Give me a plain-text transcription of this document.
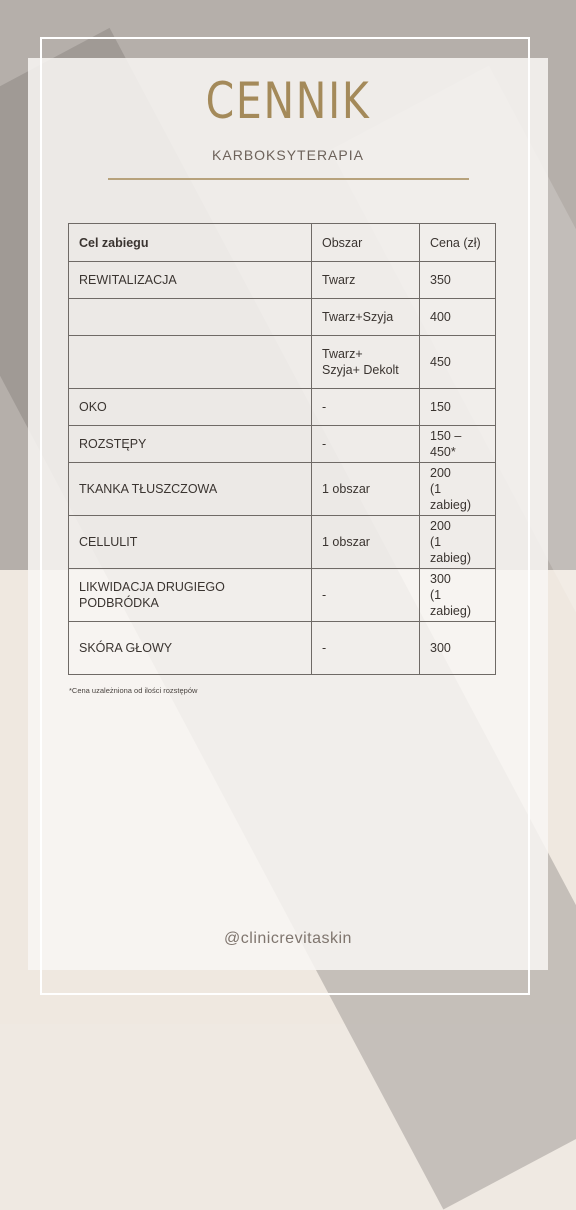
CENNIK
KARBOKSYTERAPIA
Cel zabiegu	Obszar	Cena (zł)
REWITALIZACJA	Twarz	350
	Twarz+Szyja	400
	Twarz+
Szyja+ Dekolt	450
OKO	-	150
ROZSTĘPY	-	150 – 450*
TKANKA TŁUSZCZOWA	1 obszar	200
(1 zabieg)
CELLULIT	1 obszar	200
(1 zabieg)
LIKWIDACJA DRUGIEGO PODBRÓDKA	-	300
(1 zabieg)
SKÓRA GŁOWY	-	300
*Cena uzależniona od ilości rozstępów
@clinicrevitaskin
